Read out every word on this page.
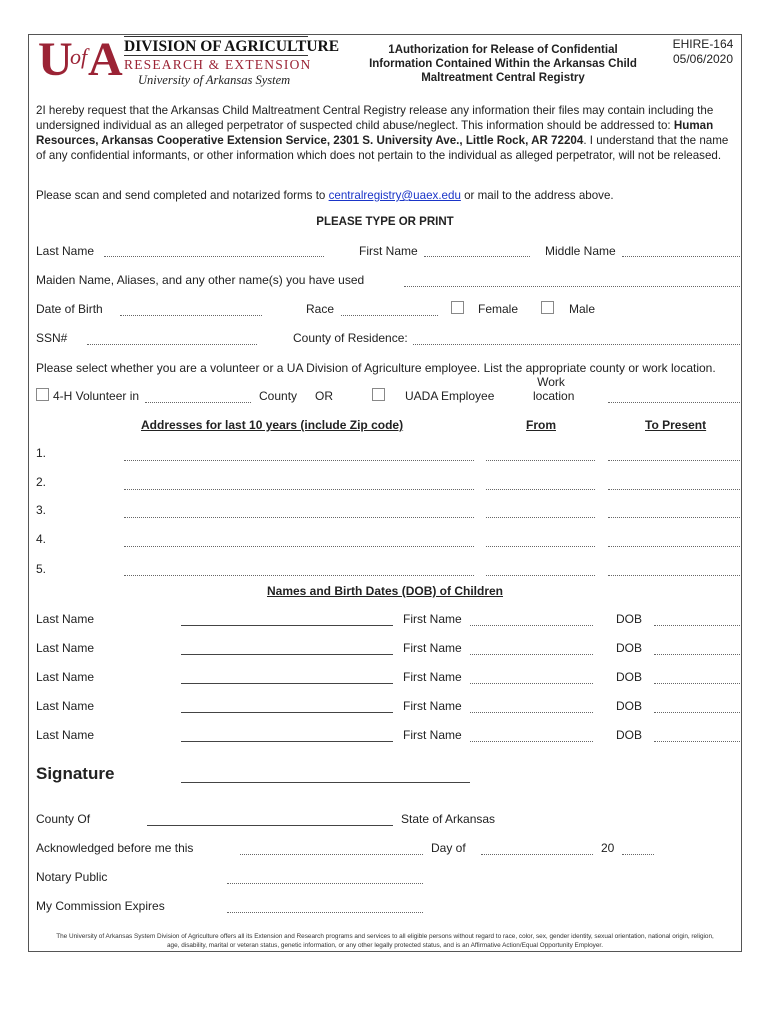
U of A DIVISION OF AGRICULTURE
RESEARCH & EXTENSION
University of Arkansas System
1Authorization for Release of Confidential
Information Contained Within the Arkansas Child
Maltreatment Central Registry
EHIRE-164
05/06/2020
2I hereby request that the Arkansas Child Maltreatment Central Registry release any information their files may contain including the undersigned individual as an alleged perpetrator of suspected child abuse/neglect. This information should be addressed to: Human Resources, Arkansas Cooperative Extension Service, 2301 S. University Ave., Little Rock, AR 72204. I understand that the name of any confidential informants, or other information which does not pertain to the individual as alleged perpetrator, will not be released.
Please scan and send completed and notarized forms to centralregistry@uaex.edu or mail to the address above.
PLEASE TYPE OR PRINT
Last Name	First Name	Middle Name
Maiden Name, Aliases, and any other name(s) you have used
Date of Birth	Race	Female	Male
SSN#	County of Residence:
Please select whether you are a volunteer or a UA Division of Agriculture employee. List the appropriate county or work location.
4-H Volunteer in	County OR	UADA Employee
Work
location
Addresses for last 10 years (include Zip code)	From	To Present
1.
2.
3.
4.
5.
Names and Birth Dates (DOB) of Children
Last Name	First Name	DOB
Last Name	First Name	DOB
Last Name	First Name	DOB
Last Name	First Name	DOB
Last Name	First Name	DOB
Signature
County Of	State of Arkansas
Acknowledged before me this	Day of	20
Notary Public
My Commission Expires
The University of Arkansas System Division of Agriculture offers all its Extension and Research programs and services to all eligible persons without regard to race, color, sex, gender identity, sexual orientation, national origin, religion,
age, disability, marital or veteran status, genetic information, or any other legally protected status, and is an Affirmative Action/Equal Opportunity Employer.
